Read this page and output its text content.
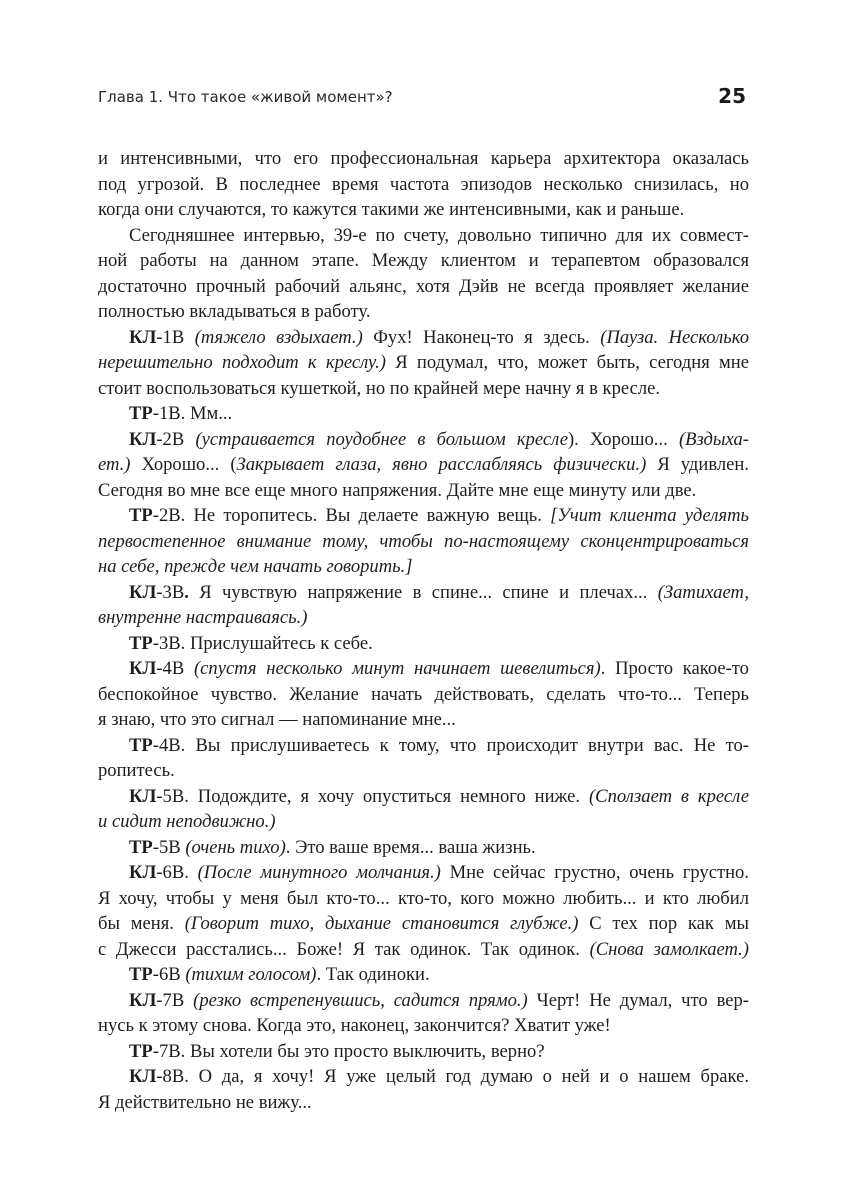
Глава 1. Что такое «живой момент»?	25
и интенсивными, что его профессиональная карьера архитектора оказалась
под угрозой. В последнее время частота эпизодов несколько снизилась, но
когда они случаются, то кажутся такими же интенсивными, как и раньше.
Сегодняшнее интервью, 39-е по счету, довольно типично для их совмест-
ной работы на данном этапе. Между клиентом и терапевтом образовался
достаточно прочный рабочий альянс, хотя Дэйв не всегда проявляет желание
полностью вкладываться в работу.
КЛ-1В (тяжело вздыхает.) Фух! Наконец-то я здесь. (Пауза. Несколько
нерешительно подходит к креслу.) Я подумал, что, может быть, сегодня мне
стоит воспользоваться кушеткой, но по крайней мере начну я в кресле.
ТР-1В. Мм...
КЛ-2В (устраивается поудобнее в большом кресле). Хорошо... (Вздыха-
ет.) Хорошо... (Закрывает глаза, явно расслабляясь физически.) Я удивлен.
Сегодня во мне все еще много напряжения. Дайте мне еще минуту или две.
ТР-2В. Не торопитесь. Вы делаете важную вещь. [Учит клиента уделять
первостепенное внимание тому, чтобы по-настоящему сконцентрироваться
на себе, прежде чем начать говорить.]
КЛ-3В. Я чувствую напряжение в спине... спине и плечах... (Затихает,
внутренне настраиваясь.)
ТР-3В. Прислушайтесь к себе.
КЛ-4В (спустя несколько минут начинает шевелиться). Просто какое-то
беспокойное чувство. Желание начать действовать, сделать что-то... Теперь
я знаю, что это сигнал — напоминание мне...
ТР-4В. Вы прислушиваетесь к тому, что происходит внутри вас. Не то-
ропитесь.
КЛ-5В. Подождите, я хочу опуститься немного ниже. (Сползает в кресле
и сидит неподвижно.)
ТР-5В (очень тихо). Это ваше время... ваша жизнь.
КЛ-6В. (После минутного молчания.) Мне сейчас грустно, очень грустно.
Я хочу, чтобы у меня был кто-то... кто-то, кого можно любить... и кто любил
бы меня. (Говорит тихо, дыхание становится глубже.) С тех пор как мы
с Джесси расстались... Боже! Я так одинок. Так одинок. (Снова замолкает.)
ТР-6В (тихим голосом). Так одиноки.
КЛ-7В (резко встрепенувшись, садится прямо.) Черт! Не думал, что вер-
нусь к этому снова. Когда это, наконец, закончится? Хватит уже!
ТР-7В. Вы хотели бы это просто выключить, верно?
КЛ-8В. О да, я хочу! Я уже целый год думаю о ней и о нашем браке.
Я действительно не вижу...
